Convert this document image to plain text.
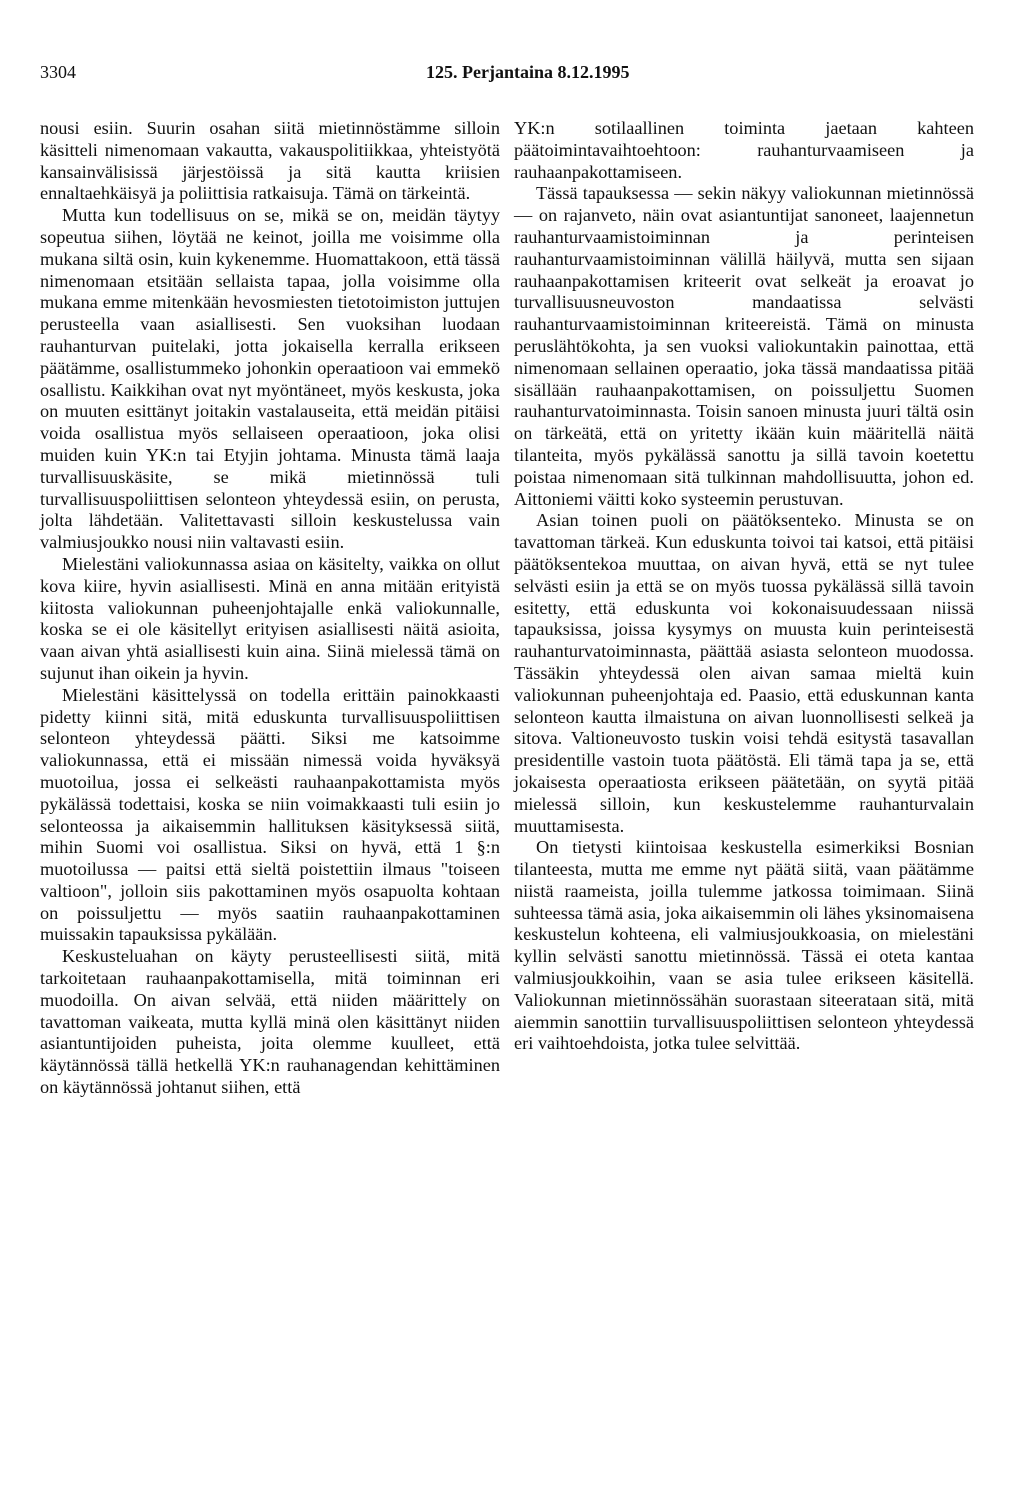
3304	125. Perjantaina 8.12.1995

nousi esiin. Suurin osahan siitä mietinnöstämme silloin käsitteli nimenomaan vakautta, vakauspolitiikkaa, yhteistyötä kansainvälisissä järjestöissä ja sitä kautta kriisien ennaltaehkäisyä ja poliittisia ratkaisuja. Tämä on tärkeintä.

Mutta kun todellisuus on se, mikä se on, meidän täytyy sopeutua siihen, löytää ne keinot, joilla me voisimme olla mukana siltä osin, kuin kykenemme. Huomattakoon, että tässä nimenomaan etsitään sellaista tapaa, jolla voisimme olla mukana emme mitenkään hevosmiesten tietotoimiston juttujen perusteella vaan asiallisesti. Sen vuoksihan luodaan rauhanturvan puitelaki, jotta jokaisella kerralla erikseen päätämme, osallistummeko johonkin operaatioon vai emmekö osallistu. Kaikkihan ovat nyt myöntäneet, myös keskusta, joka on muuten esittänyt joitakin vastalauseita, että meidän pitäisi voida osallistua myös sellaiseen operaatioon, joka olisi muiden kuin YK:n tai Etyjin johtama. Minusta tämä laaja turvallisuuskäsite, se mikä mietinnössä tuli turvallisuuspoliittisen selonteon yhteydessä esiin, on perusta, jolta lähdetään. Valitettavasti silloin keskustelussa vain valmiusjoukko nousi niin valtavasti esiin.

Mielestäni valiokunnassa asiaa on käsitelty, vaikka on ollut kova kiire, hyvin asiallisesti. Minä en anna mitään erityistä kiitosta valiokunnan puheenjohtajalle enkä valiokunnalle, koska se ei ole käsitellyt erityisen asiallisesti näitä asioita, vaan aivan yhtä asiallisesti kuin aina. Siinä mielessä tämä on sujunut ihan oikein ja hyvin.

Mielestäni käsittelyssä on todella erittäin painokkaasti pidetty kiinni sitä, mitä eduskunta turvallisuuspoliittisen selonteon yhteydessä päätti. Siksi me katsoimme valiokunnassa, että ei missään nimessä voida hyväksyä muotoilua, jossa ei selkeästi rauhaanpakottamista myös pykälässä todettaisi, koska se niin voimakkaasti tuli esiin jo selonteossa ja aikaisemmin hallituksen käsityksessä siitä, mihin Suomi voi osallistua. Siksi on hyvä, että 1 §:n muotoilussa — paitsi että sieltä poistettiin ilmaus "toiseen valtioon", jolloin siis pakottaminen myös osapuolta kohtaan on poissuljettu — myös saatiin rauhaanpakottaminen muissakin tapauksissa pykälään.

Keskusteluahan on käyty perusteellisesti siitä, mitä tarkoitetaan rauhaanpakottamisella, mitä toiminnan eri muodoilla. On aivan selvää, että niiden määrittely on tavattoman vaikeata, mutta kyllä minä olen käsittänyt niiden asiantuntijoiden puheista, joita olemme kuulleet, että käytännössä tällä hetkellä YK:n rauhanagendan kehittäminen on käytännössä johtanut siihen, että

YK:n sotilaallinen toiminta jaetaan kahteen päätoimintavaihtoehtoon: rauhanturvaamiseen ja rauhaanpakottamiseen.

Tässä tapauksessa — sekin näkyy valiokunnan mietinnössä — on rajanveto, näin ovat asiantuntijat sanoneet, laajennetun rauhanturvaamistoiminnan ja perinteisen rauhanturvaamistoiminnan välillä häilyvä, mutta sen sijaan rauhaanpakottamisen kriteerit ovat selkeät ja eroavat jo turvallisuusneuvoston mandaatissa selvästi rauhanturvaamistoiminnan kriteereistä. Tämä on minusta peruslähtökohta, ja sen vuoksi valiokuntakin painottaa, että nimenomaan sellainen operaatio, joka tässä mandaatissa pitää sisällään rauhaanpakottamisen, on poissuljettu Suomen rauhanturvatoiminnasta. Toisin sanoen minusta juuri tältä osin on tärkeätä, että on yritetty ikään kuin määritellä näitä tilanteita, myös pykälässä sanottu ja sillä tavoin koetettu poistaa nimenomaan sitä tulkinnan mahdollisuutta, johon ed. Aittoniemi väitti koko systeemin perustuvan.

Asian toinen puoli on päätöksenteko. Minusta se on tavattoman tärkeä. Kun eduskunta toivoi tai katsoi, että pitäisi päätöksentekoa muuttaa, on aivan hyvä, että se nyt tulee selvästi esiin ja että se on myös tuossa pykälässä sillä tavoin esitetty, että eduskunta voi kokonaisuudessaan niissä tapauksissa, joissa kysymys on muusta kuin perinteisestä rauhanturvatoiminnasta, päättää asiasta selonteon muodossa. Tässäkin yhteydessä olen aivan samaa mieltä kuin valiokunnan puheenjohtaja ed. Paasio, että eduskunnan kanta selonteon kautta ilmaistuna on aivan luonnollisesti selkeä ja sitova. Valtioneuvosto tuskin voisi tehdä esitystä tasavallan presidentille vastoin tuota päätöstä. Eli tämä tapa ja se, että jokaisesta operaatiosta erikseen päätetään, on syytä pitää mielessä silloin, kun keskustelemme rauhanturvalain muuttamisesta.

On tietysti kiintoisaa keskustella esimerkiksi Bosnian tilanteesta, mutta me emme nyt päätä siitä, vaan päätämme niistä raameista, joilla tulemme jatkossa toimimaan. Siinä suhteessa tämä asia, joka aikaisemmin oli lähes yksinomaisena keskustelun kohteena, eli valmiusjoukkoasia, on mielestäni kyllin selvästi sanottu mietinnössä. Tässä ei oteta kantaa valmiusjoukkoihin, vaan se asia tulee erikseen käsitellä. Valiokunnan mietinnössähän suorastaan siteerataan sitä, mitä aiemmin sanottiin turvallisuuspoliittisen selonteon yhteydessä eri vaihtoehdoista, jotka tulee selvittää.
